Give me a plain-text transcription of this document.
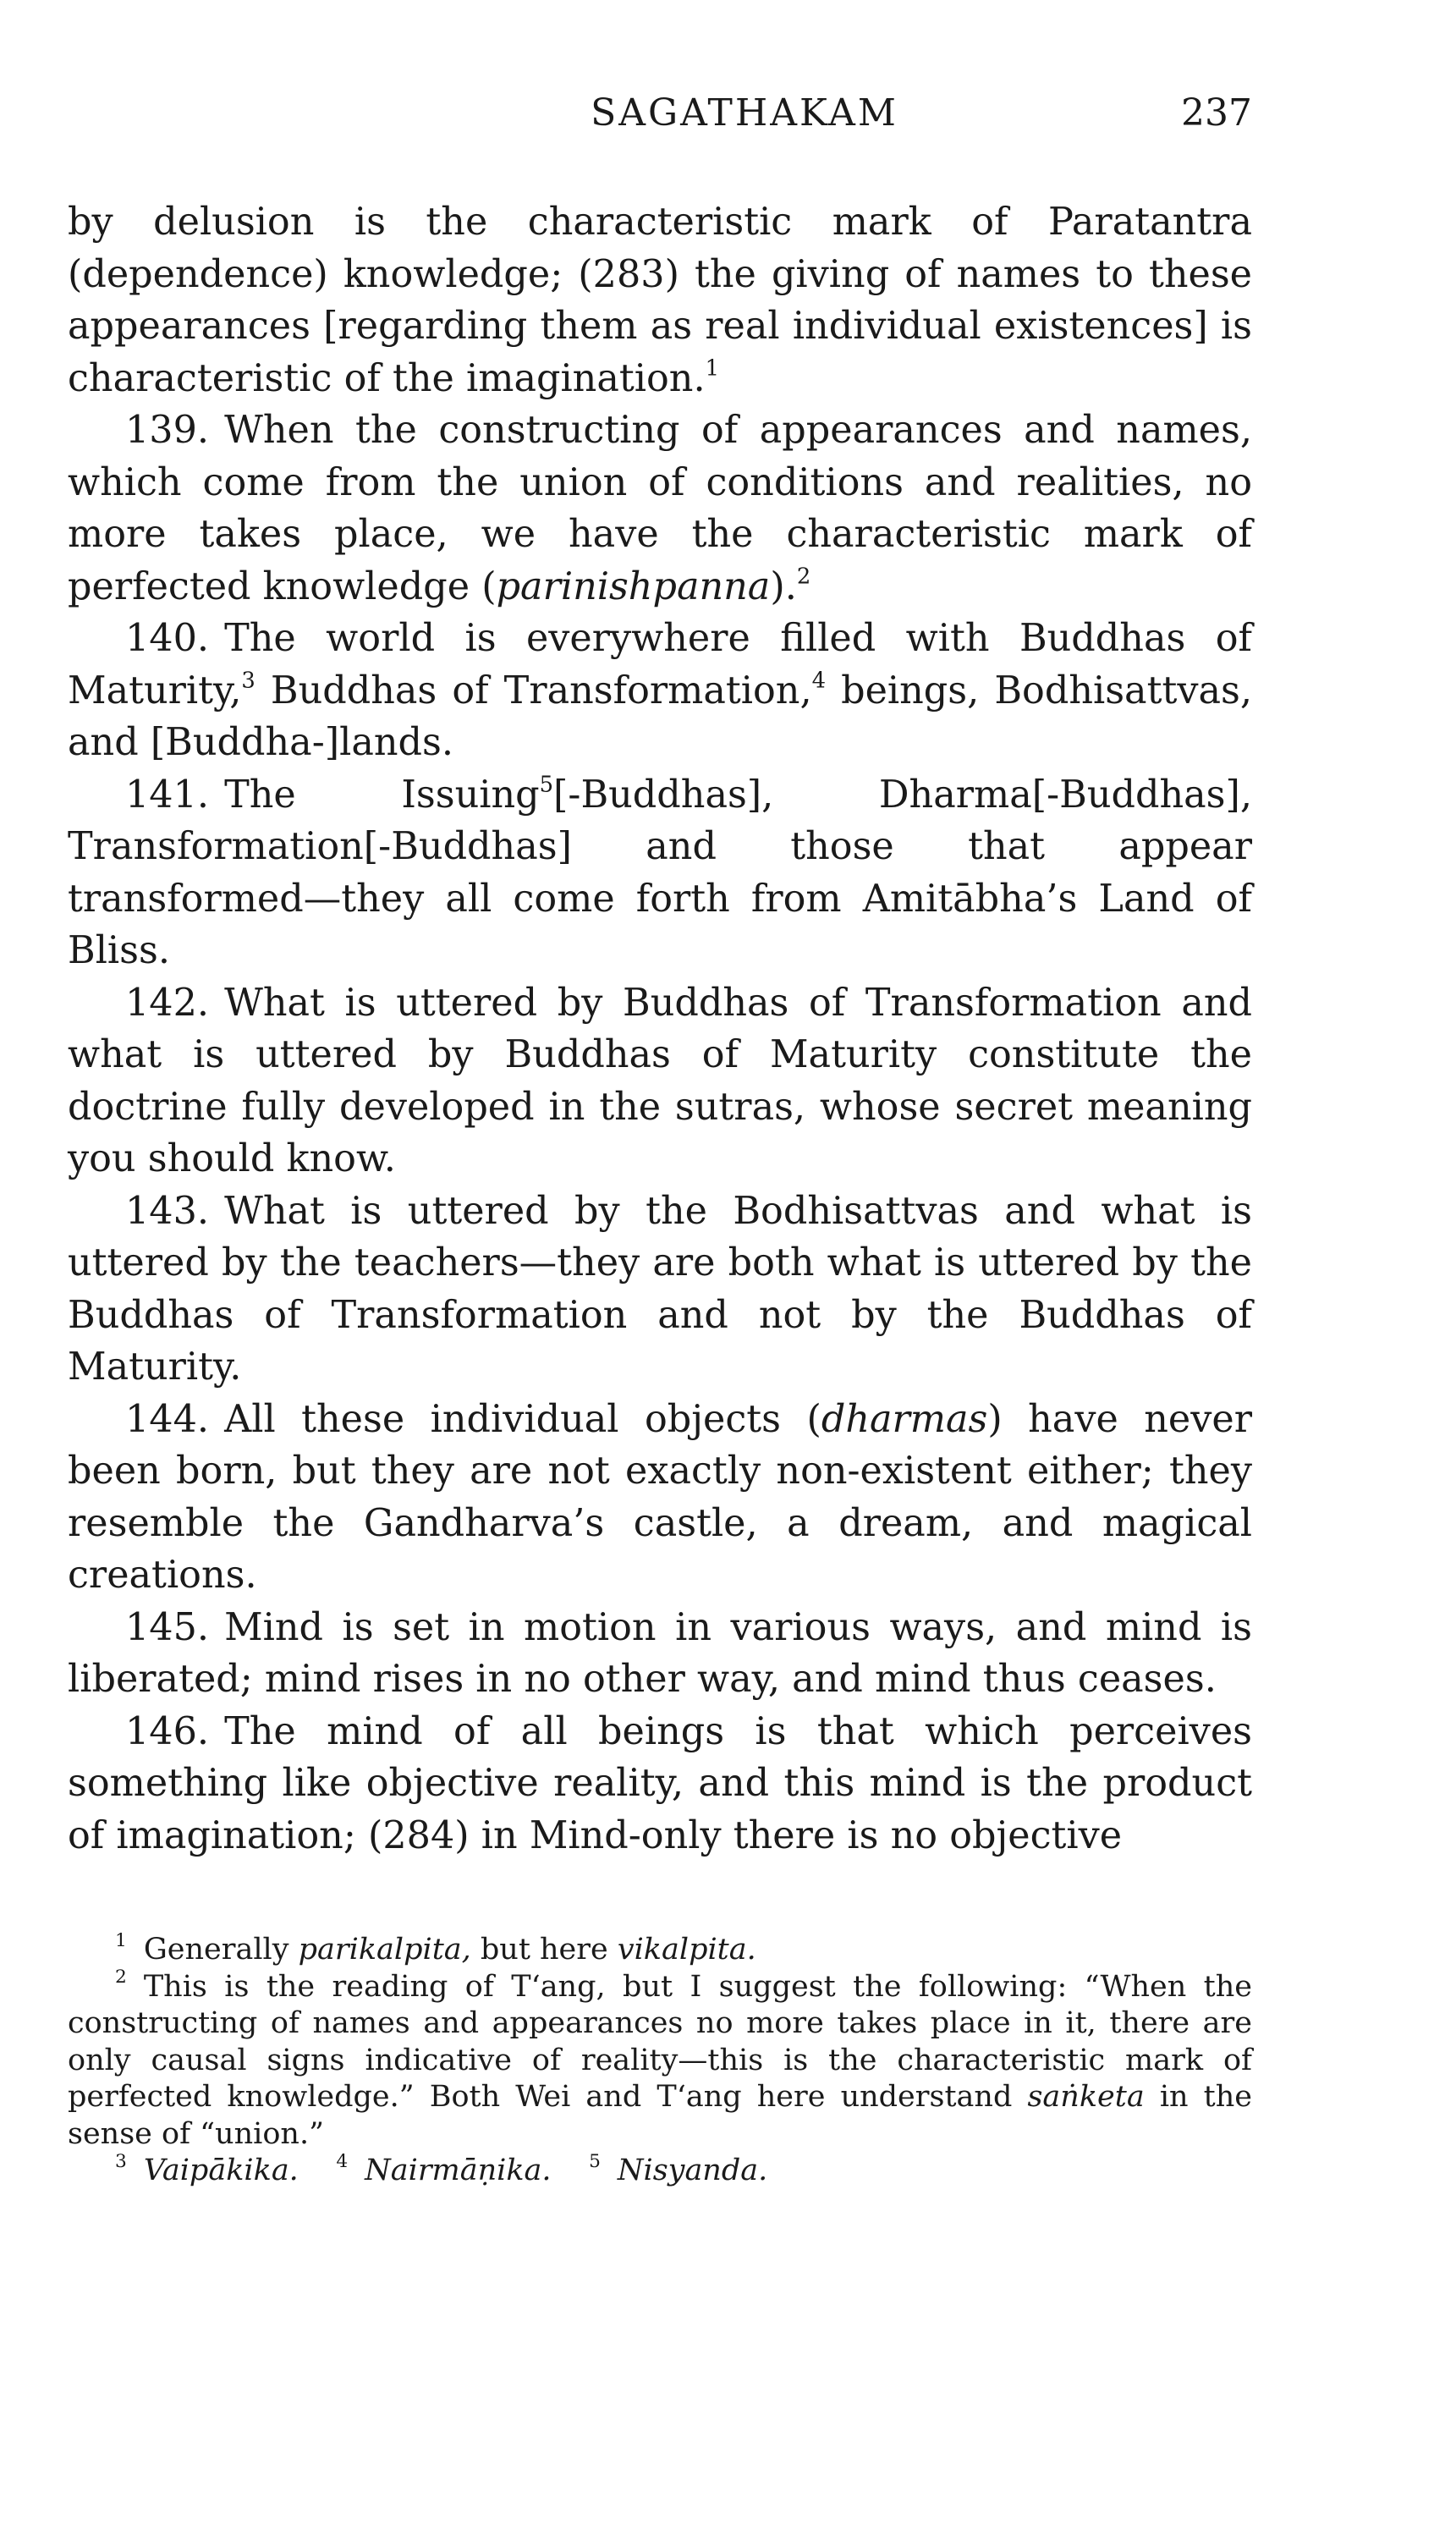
SAGATHAKAM	237

by delusion is the characteristic mark of Paratantra (dependence) knowledge; (283) the giving of names to these appearances [regarding them as real individual existences] is characteristic of the imagination.$^1$

139. When the constructing of appearances and names, which come from the union of conditions and realities, no more takes place, we have the characteristic mark of perfected knowledge (parinishpanna).$^2$

140. The world is everywhere filled with Buddhas of Maturity,$^3$ Buddhas of Transformation,$^4$ beings, Bodhisattvas, and [Buddha-]lands.

141. The Issuing$^5$[-Buddhas], Dharma[-Buddhas], Transformation[-Buddhas] and those that appear transformed—they all come forth from Amitābha’s Land of Bliss.

142. What is uttered by Buddhas of Transformation and what is uttered by Buddhas of Maturity constitute the doctrine fully developed in the sutras, whose secret meaning you should know.

143. What is uttered by the Bodhisattvas and what is uttered by the teachers—they are both what is uttered by the Buddhas of Transformation and not by the Buddhas of Maturity.

144. All these individual objects (dharmas) have never been born, but they are not exactly non-existent either; they resemble the Gandharva’s castle, a dream, and magical creations.

145. Mind is set in motion in various ways, and mind is liberated; mind rises in no other way, and mind thus ceases.

146. The mind of all beings is that which perceives something like objective reality, and this mind is the product of imagination; (284) in Mind-only there is no objective

$^1$ Generally parikalpita, but here vikalpita.

$^2$ This is the reading of T‘ang, but I suggest the following: “When the constructing of names and appearances no more takes place in it, there are only causal signs indicative of reality—this is the characteristic mark of perfected knowledge.” Both Wei and T‘ang here understand saṅketa in the sense of “union.”

$^3$ Vaipākika. $^4$ Nairmāṇika. $^5$ Nisyanda.
